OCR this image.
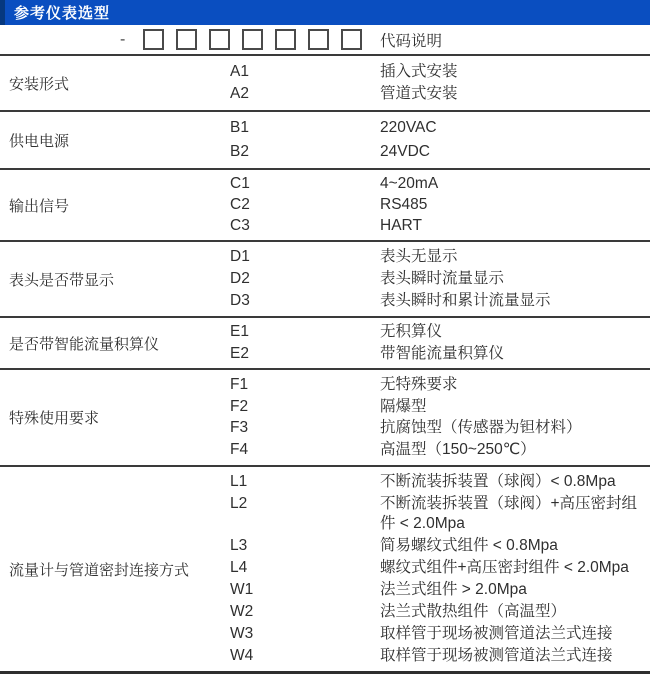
参考仪表选型
-	代码说明
安装形式
A1	插入式安装
A2	管道式安装
供电电源
B1	220VAC
B2	24VDC
输出信号
C1	4~20mA
C2	RS485
C3	HART
表头是否带显示
D1	表头无显示
D2	表头瞬时流量显示
D3	表头瞬时和累计流量显示
是否带智能流量积算仪
E1	无积算仪
E2	带智能流量积算仪
特殊使用要求
F1	无特殊要求
F2	隔爆型
F3	抗腐蚀型（传感器为钽材料）
F4	高温型（150~250℃）
流量计与管道密封连接方式
L1	不断流装拆装置（球阀）< 0.8Mpa
L2	不断流装拆装置（球阀）+高压密封组件 < 2.0Mpa
L3	简易螺纹式组件 < 0.8Mpa
L4	螺纹式组件+高压密封组件 < 2.0Mpa
W1	法兰式组件 > 2.0Mpa
W2	法兰式散热组件（高温型）
W3	取样管于现场被测管道法兰式连接
W4	取样管于现场被测管道法兰式连接
